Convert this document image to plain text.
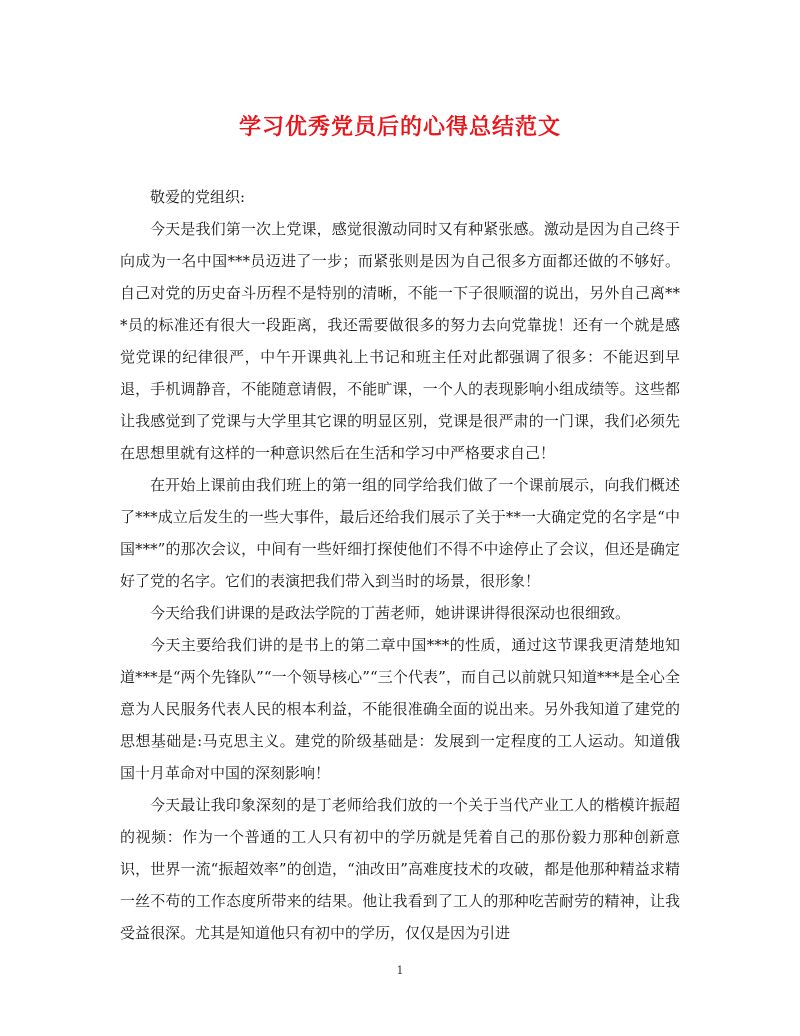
学习优秀党员后的心得总结范文

敬爱的党组织:

今天是我们第一次上党课，感觉很激动同时又有种紧张感。激动是因为自己终于向成为一名中国***员迈进了一步；而紧张则是因为自己很多方面都还做的不够好。自己对党的历史奋斗历程不是特别的清晰，不能一下子很顺溜的说出，另外自己离***员的标准还有很大一段距离，我还需要做很多的努力去向党靠拢！还有一个就是感觉党课的纪律很严，中午开课典礼上书记和班主任对此都强调了很多：不能迟到早退，手机调静音，不能随意请假，不能旷课，一个人的表现影响小组成绩等。这些都让我感觉到了党课与大学里其它课的明显区别，党课是很严肃的一门课，我们必须先在思想里就有这样的一种意识然后在生活和学习中严格要求自己！

在开始上课前由我们班上的第一组的同学给我们做了一个课前展示，向我们概述了***成立后发生的一些大事件，最后还给我们展示了关于**一大确定党的名字是“中国***”的那次会议，中间有一些奸细打探使他们不得不中途停止了会议，但还是确定好了党的名字。它们的表演把我们带入到当时的场景，很形象！

今天给我们讲课的是政法学院的丁茜老师，她讲课讲得很深动也很细致。

今天主要给我们讲的是书上的第二章中国***的性质，通过这节课我更清楚地知道***是“两个先锋队”“一个领导核心”“三个代表”，而自己以前就只知道***是全心全意为人民服务代表人民的根本利益，不能很准确全面的说出来。另外我知道了建党的思想基础是:马克思主义。建党的阶级基础是：发展到一定程度的工人运动。知道俄国十月革命对中国的深刻影响！

今天最让我印象深刻的是丁老师给我们放的一个关于当代产业工人的楷模许振超的视频：作为一个普通的工人只有初中的学历就是凭着自己的那份毅力那种创新意识，世界一流“振超效率”的创造，“油改田”高难度技术的攻破，都是他那种精益求精一丝不苟的工作态度所带来的结果。他让我看到了工人的那种吃苦耐劳的精神，让我受益很深。尤其是知道他只有初中的学历，仅仅是因为引进

1
